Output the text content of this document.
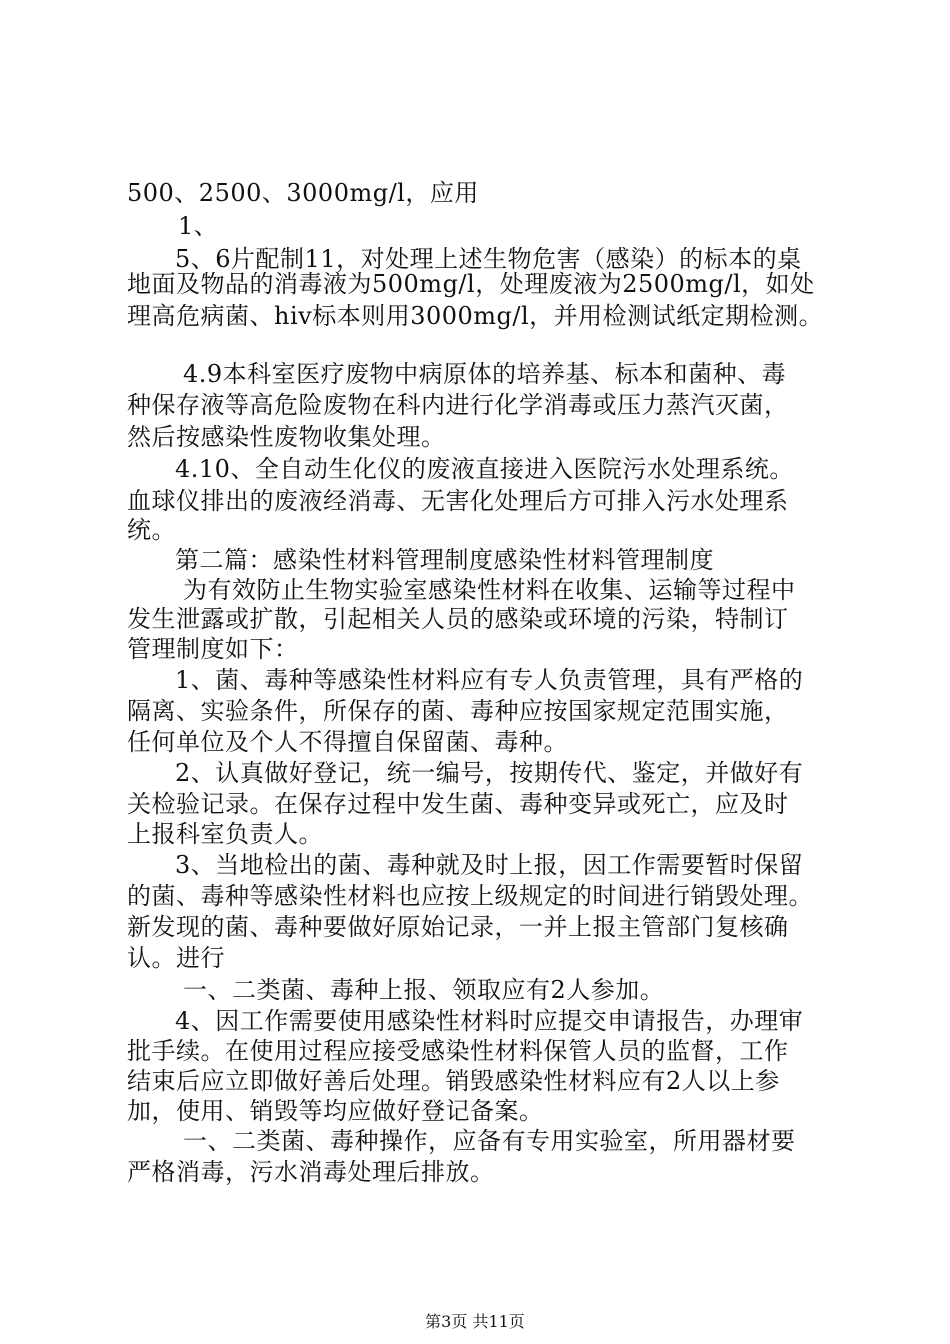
500、2500、3000mg/l，应用
1、
5、6片配制11，对处理上述生物危害（感染）的标本的桌
地面及物品的消毒液为500mg/l，处理废液为2500mg/l，如处
理高危病菌、hiv标本则用3000mg/l，并用检测试纸定期检测。
4.9本科室医疗废物中病原体的培养基、标本和菌种、毒
种保存液等高危险废物在科内进行化学消毒或压力蒸汽灭菌，
然后按感染性废物收集处理。
4.10、全自动生化仪的废液直接进入医院污水处理系统。
血球仪排出的废液经消毒、无害化处理后方可排入污水处理系
统。
第二篇：感染性材料管理制度感染性材料管理制度
为有效防止生物实验室感染性材料在收集、运输等过程中
发生泄露或扩散，引起相关人员的感染或环境的污染，特制订
管理制度如下：
1、菌、毒种等感染性材料应有专人负责管理，具有严格的
隔离、实验条件，所保存的菌、毒种应按国家规定范围实施，
任何单位及个人不得擅自保留菌、毒种。
2、认真做好登记，统一编号，按期传代、鉴定，并做好有
关检验记录。在保存过程中发生菌、毒种变异或死亡，应及时
上报科室负责人。
3、当地检出的菌、毒种就及时上报，因工作需要暂时保留
的菌、毒种等感染性材料也应按上级规定的时间进行销毁处理。
新发现的菌、毒种要做好原始记录，一并上报主管部门复核确
认。进行
一、二类菌、毒种上报、领取应有2人参加。
4、因工作需要使用感染性材料时应提交申请报告，办理审
批手续。在使用过程应接受感染性材料保管人员的监督，工作
结束后应立即做好善后处理。销毁感染性材料应有2人以上参
加，使用、销毁等均应做好登记备案。
一、二类菌、毒种操作，应备有专用实验室，所用器材要
严格消毒，污水消毒处理后排放。
第3页 共11页
